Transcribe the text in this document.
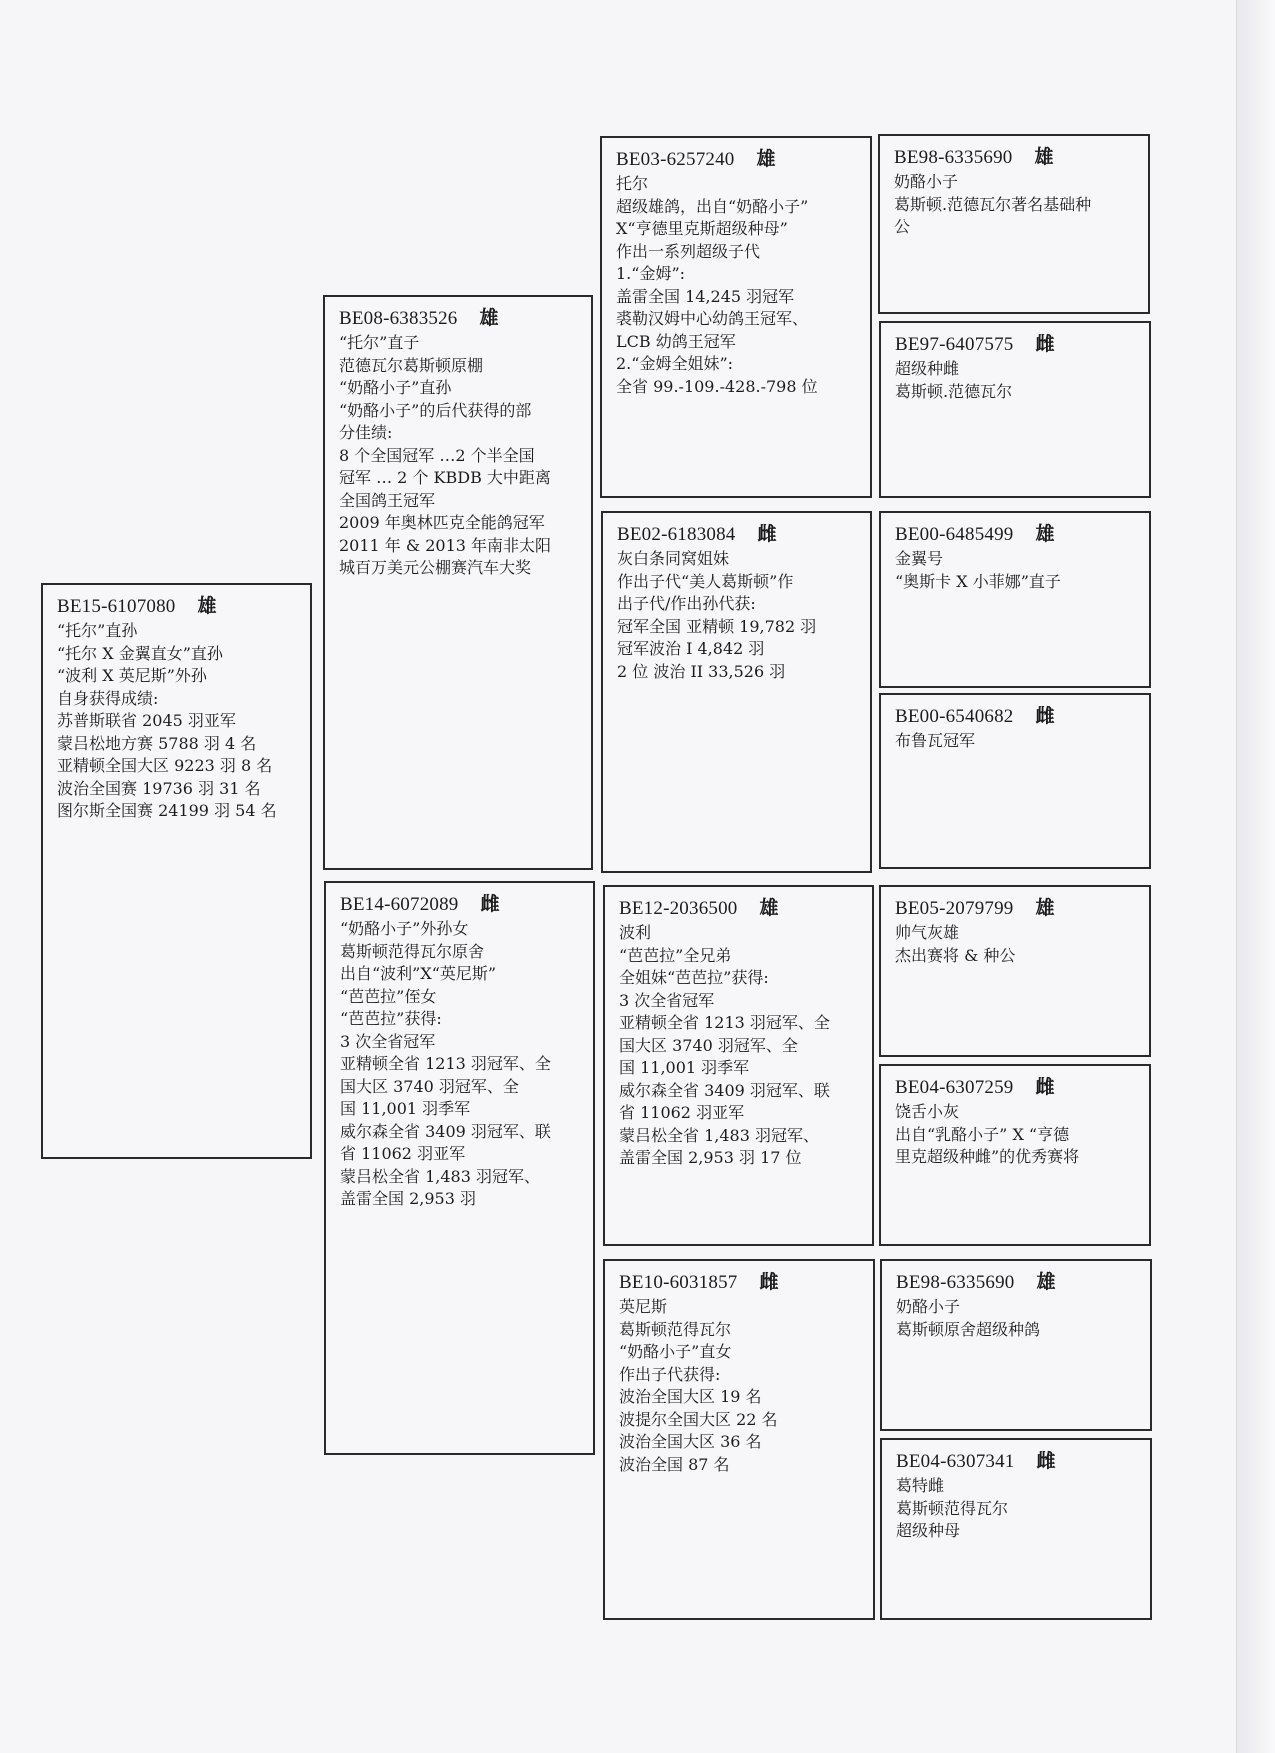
BE15-6107080 雄
“托尔”直孙
“托尔 X 金翼直女”直孙
“波利 X 英尼斯”外孙
自身获得成绩:
苏普斯联省 2045 羽亚军
蒙吕松地方赛 5788 羽 4 名
亚精顿全国大区 9223 羽 8 名
波治全国赛 19736 羽 31 名
图尔斯全国赛 24199 羽 54 名
BE08-6383526 雄
“托尔”直子
范德瓦尔葛斯顿原棚
“奶酪小子”直孙
“奶酪小子”的后代获得的部
分佳绩:
8 个全国冠军 …2 个半全国
冠军 … 2 个 KBDB 大中距离
全国鸽王冠军
2009 年奥林匹克全能鸽冠军
2011 年 & 2013 年南非太阳
城百万美元公棚赛汽车大奖
BE14-6072089 雌
“奶酪小子”外孙女
葛斯顿范得瓦尔原舍
出自“波利”X“英尼斯”
“芭芭拉”侄女
“芭芭拉”获得:
3 次全省冠军
亚精顿全省 1213 羽冠军、全
国大区 3740 羽冠军、全
国 11,001 羽季军
威尔森全省 3409 羽冠军、联
省 11062 羽亚军
蒙吕松全省 1,483 羽冠军、
盖雷全国 2,953 羽
BE03-6257240 雄
托尔
超级雄鸽，出自“奶酪小子”
X“亨德里克斯超级种母”
作出一系列超级子代
1.“金姆”:
盖雷全国 14,245 羽冠军
裘勒汉姆中心幼鸽王冠军、
LCB 幼鸽王冠军
2.“金姆全姐妹”:
全省 99.-109.-428.-798 位
BE02-6183084 雌
灰白条同窝姐妹
作出子代“美人葛斯顿”作
出子代/作出孙代获:
冠军全国 亚精顿 19,782 羽
冠军波治 I 4,842 羽
2 位 波治 II 33,526 羽
BE12-2036500 雄
波利
“芭芭拉”全兄弟
全姐妹“芭芭拉”获得:
3 次全省冠军
亚精顿全省 1213 羽冠军、全
国大区 3740 羽冠军、全
国 11,001 羽季军
威尔森全省 3409 羽冠军、联
省 11062 羽亚军
蒙吕松全省 1,483 羽冠军、
盖雷全国 2,953 羽 17 位
BE10-6031857 雌
英尼斯
葛斯顿范得瓦尔
“奶酪小子”直女
作出子代获得:
波治全国大区 19 名
波提尔全国大区 22 名
波治全国大区 36 名
波治全国 87 名
BE98-6335690 雄
奶酪小子
葛斯顿.范德瓦尔著名基础种
公
BE97-6407575 雌
超级种雌
葛斯顿.范德瓦尔
BE00-6485499 雄
金翼号
“奥斯卡 X 小菲娜”直子
BE00-6540682 雌
布鲁瓦冠军
BE05-2079799 雄
帅气灰雄
杰出赛将 & 种公
BE04-6307259 雌
饶舌小灰
出自“乳酪小子” X “亨德
里克超级种雌”的优秀赛将
BE98-6335690 雄
奶酪小子
葛斯顿原舍超级种鸽
BE04-6307341 雌
葛特雌
葛斯顿范得瓦尔
超级种母
